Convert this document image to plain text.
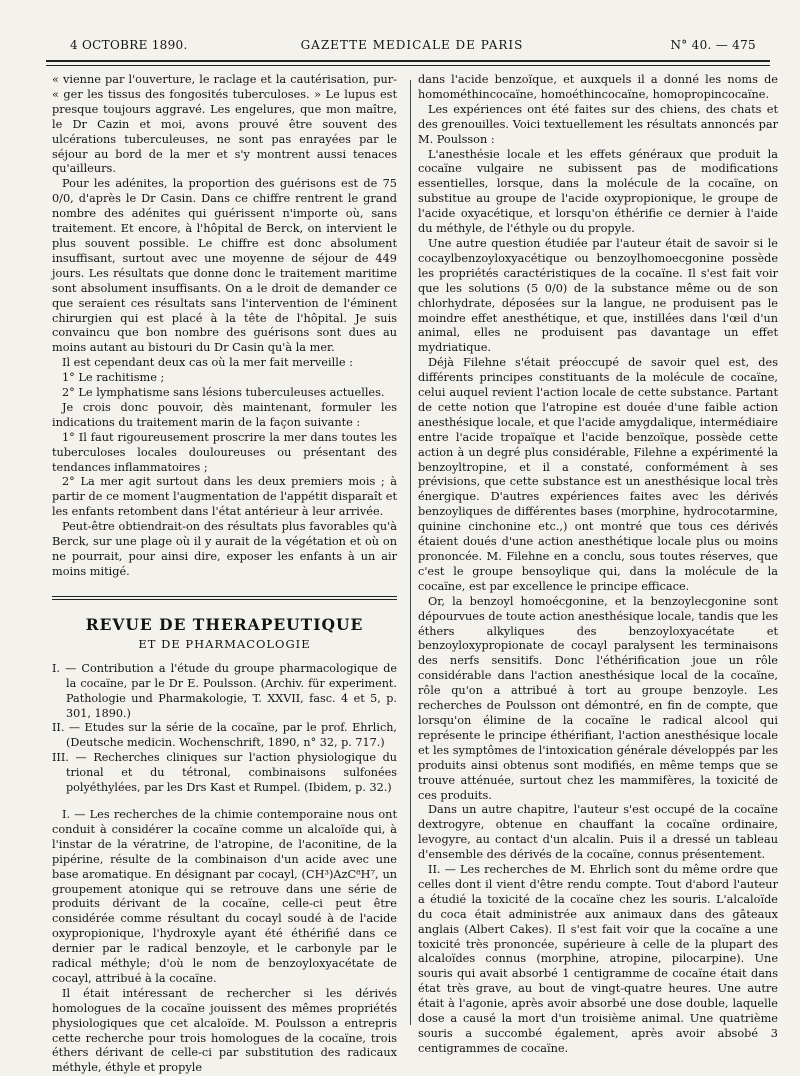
4 OCTOBRE 1890.	GAZETTE MEDICALE DE PARIS	N° 40. — 475

« vienne par l'ouverture, le raclage et la cautérisation, pur- « ger les tissus des fongosités tuberculoses. » Le lupus est presque toujours aggravé. Les engelures, que mon maître, le Dr Cazin et moi, avons prouvé être souvent des ulcérations tuberculeuses, ne sont pas enrayées par le séjour au bord de la mer et s'y montrent aussi tenaces qu'ailleurs.

Pour les adénites, la proportion des guérisons est de 75 0/0, d'après le Dr Casin. Dans ce chiffre rentrent le grand nombre des adénites qui guérissent n'importe où, sans traitement. Et encore, à l'hôpital de Berck, on intervient le plus souvent possible. Le chiffre est donc absolument insuffisant, surtout avec une moyenne de séjour de 449 jours. Les résultats que donne donc le traitement maritime sont absolument insuffisants. On a le droit de demander ce que seraient ces résultats sans l'intervention de l'éminent chirurgien qui est placé à la tête de l'hôpital. Je suis convaincu que bon nombre des guérisons sont dues au moins autant au bistouri du Dr Casin qu'à la mer.

Il est cependant deux cas où la mer fait merveille :

1° Le rachitisme ;

2° Le lymphatisme sans lésions tuberculeuses actuelles.

Je crois donc pouvoir, dès maintenant, formuler les indications du traitement marin de la façon suivante :

1° Il faut rigoureusement proscrire la mer dans toutes les tuberculoses locales douloureuses ou présentant des tendances inflammatoires ;

2° La mer agit surtout dans les deux premiers mois ; à partir de ce moment l'augmentation de l'appétit disparaît et les enfants retombent dans l'état antérieur à leur arrivée.

Peut-être obtiendrait-on des résultats plus favorables qu'à Berck, sur une plage où il y aurait de la végétation et où on ne pourrait, pour ainsi dire, exposer les enfants à un air moins mitigé.

REVUE DE THERAPEUTIQUE
ET DE PHARMACOLOGIE

I. — Contribution a l'étude du groupe pharmacologique de la cocaïne, par le Dr E. Poulsson. (Archiv. für experiment. Pathologie und Pharmakologie, T. XXVII, fasc. 4 et 5, p. 301, 1890.)

II. — Etudes sur la série de la cocaïne, par le prof. Ehrlich, (Deutsche medicin. Wochenschrift, 1890, n° 32, p. 717.)

III. — Recherches cliniques sur l'action physiologique du trional et du tétronal, combinaisons sulfonées polyéthylées, par les Drs Kast et Rumpel. (Ibidem, p. 32.)

I. — Les recherches de la chimie contemporaine nous ont conduit à considérer la cocaïne comme un alcaloïde qui, à l'instar de la vératrine, de l'atropine, de l'aconitine, de la pipérine, résulte de la combinaison d'un acide avec une base aromatique. En désignant par cocayl, (CH³)AzC⁸H⁷, un groupement atonique qui se retrouve dans une série de produits dérivant de la cocaïne, celle-ci peut être considérée comme résultant du cocayl soudé à de l'acide oxypropionique, l'hydroxyle ayant été éthérifié dans ce dernier par le radical benzoyle, et le carbonyle par le radical méthyle; d'où le nom de benzoyloxyacétate de cocayl, attribué à la cocaïne.

Il était intéressant de rechercher si les dérivés homologues de la cocaïne jouissent des mêmes propriétés physiologiques que cet alcaloïde. M. Poulsson a entrepris cette recherche pour trois homologues de la cocaïne, trois éthers dérivant de celle-ci par substitution des radicaux méthyle, éthyle et propyle

dans l'acide benzoïque, et auxquels il a donné les noms de homométhincocaïne, homoéthincocaïne, homopropincocaïne.

Les expériences ont été faites sur des chiens, des chats et des grenouilles. Voici textuellement les résultats annoncés par M. Poulsson :

L'anesthésie locale et les effets généraux que produit la cocaïne vulgaire ne subissent pas de modifications essentielles, lorsque, dans la molécule de la cocaïne, on substitue au groupe de l'acide oxypropionique, le groupe de l'acide oxyacétique, et lorsqu'on éthérifie ce dernier à l'aide du méthyle, de l'éthyle ou du propyle.

Une autre question étudiée par l'auteur était de savoir si le cocaylbenzoyloxyacétique ou benzoylhomoecgonine possède les propriétés caractéristiques de la cocaïne. Il s'est fait voir que les solutions (5 0/0) de la substance même ou de son chlorhydrate, déposées sur la langue, ne produisent pas le moindre effet anesthétique, et que, instillées dans l'œil d'un animal, elles ne produisent pas davantage un effet mydriatique.

Déjà Filehne s'était préoccupé de savoir quel est, des différents principes constituants de la molécule de cocaïne, celui auquel revient l'action locale de cette substance. Partant de cette notion que l'atropine est douée d'une faible action anesthésique locale, et que l'acide amygdalique, intermédiaire entre l'acide tropaïque et l'acide benzoïque, possède cette action à un degré plus considérable, Filehne a expérimenté la benzoyltropine, et il a constaté, conformément à ses prévisions, que cette substance est un anesthésique local très énergique. D'autres expériences faites avec les dérivés benzoyliques de différentes bases (morphine, hydrocotarmine, quinine cinchonine etc.,) ont montré que tous ces dérivés étaient doués d'une action anesthétique locale plus ou moins prononcée. M. Filehne en a conclu, sous toutes réserves, que c'est le groupe bensoylique qui, dans la molécule de la cocaïne, est par excellence le principe efficace.

Or, la benzoyl homoécgonine, et la benzoylecgonine sont dépourvues de toute action anesthésique locale, tandis que les éthers alkyliques des benzoyloxyacétate et benzoyloxypropionate de cocayl paralysent les terminaisons des nerfs sensitifs. Donc l'éthérification joue un rôle considérable dans l'action anesthésique local de la cocaïne, rôle qu'on a attribué à tort au groupe benzoyle. Les recherches de Poulsson ont démontré, en fin de compte, que lorsqu'on élimine de la cocaïne le radical alcool qui représente le principe éthérifiant, l'action anesthésique locale et les symptômes de l'intoxication générale développés par les produits ainsi obtenus sont modifiés, en même temps que se trouve atténuée, surtout chez les mammifères, la toxicité de ces produits.

Dans un autre chapitre, l'auteur s'est occupé de la cocaïne dextrogyre, obtenue en chauffant la cocaïne ordinaire, levogyre, au contact d'un alcalin. Puis il a dressé un tableau d'ensemble des dérivés de la cocaïne, connus présentement.

II. — Les recherches de M. Ehrlich sont du même ordre que celles dont il vient d'être rendu compte. Tout d'abord l'auteur a étudié la toxicité de la cocaïne chez les souris. L'alcaloïde du coca était administrée aux animaux dans des gâteaux anglais (Albert Cakes). Il s'est fait voir que la cocaïne a une toxicité très prononcée, supérieure à celle de la plupart des alcaloïdes connus (morphine, atropine, pilocarpine). Une souris qui avait absorbé 1 centigramme de cocaïne était dans état très grave, au bout de vingt-quatre heures. Une autre était à l'agonie, après avoir absorbé une dose double, laquelle dose a causé la mort d'un troisième animal. Une quatrième souris a succombé également, après avoir absobé 3 centigrammes de cocaïne.
